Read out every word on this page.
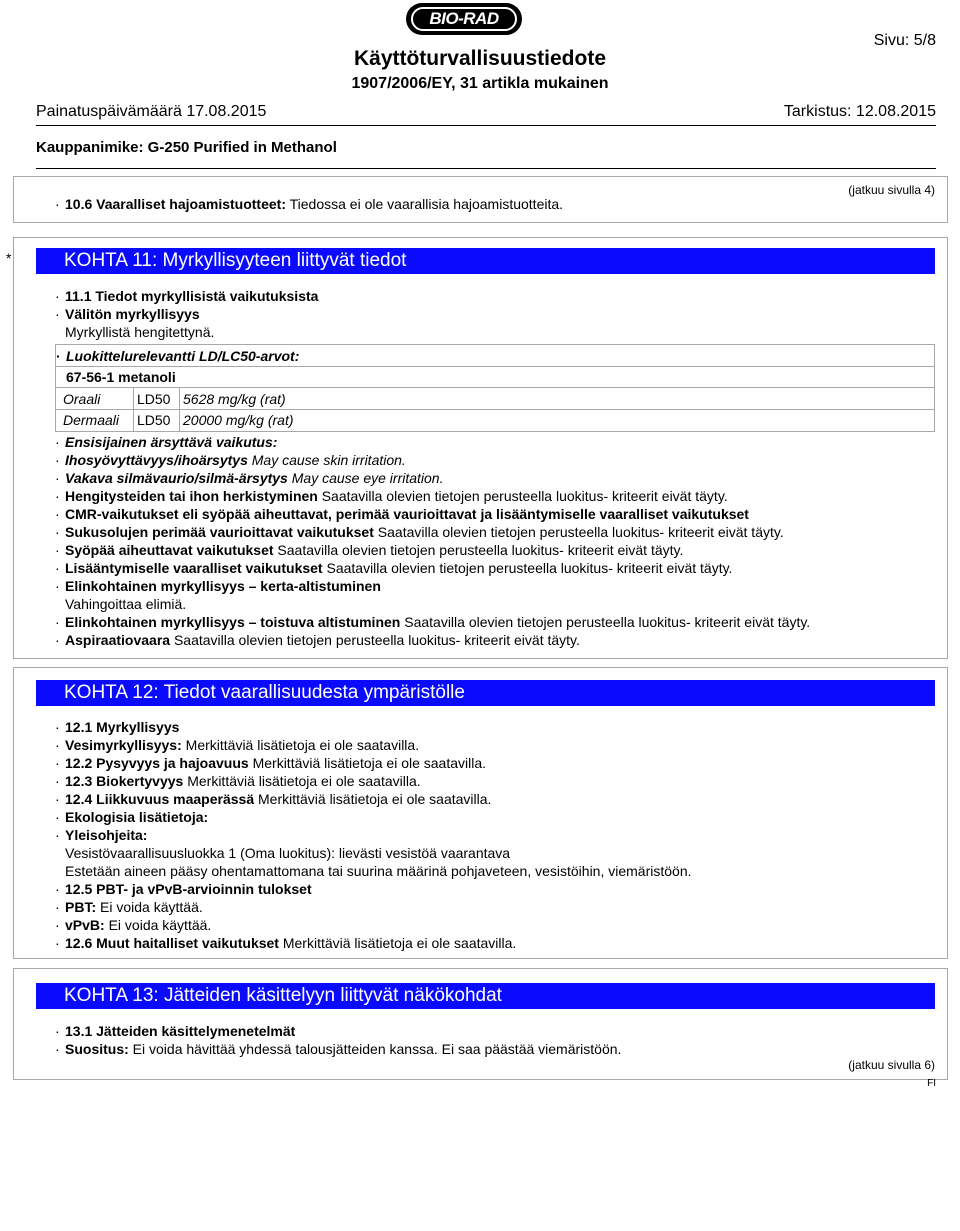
BIO-RAD
Sivu: 5/8
Käyttöturvallisuustiedote
1907/2006/EY, 31 artikla mukainen
Painatuspäivämäärä 17.08.2015	Tarkistus: 12.08.2015
Kauppanimike: G-250 Purified in Methanol
(jatkuu sivulla 4)
· 10.6 Vaaralliset hajoamistuotteet: Tiedossa ei ole vaarallisia hajoamistuotteita.
*	KOHTA 11: Myrkyllisyyteen liittyvät tiedot
· 11.1 Tiedot myrkyllisistä vaikutuksista
· Välitön myrkyllisyys
Myrkyllistä hengitettynä.
· Luokittelurelevantti LD/LC50-arvot:
67-56-1 metanoli
Oraali	LD50 5628 mg/kg (rat)
Dermaali LD50 20000 mg/kg (rat)
· Ensisijainen ärsyttävä vaikutus:
· Ihosyövyttävyys/ihoärsytys May cause skin irritation.
· Vakava silmävaurio/silmä-ärsytys May cause eye irritation.
· Hengitysteiden tai ihon herkistyminen Saatavilla olevien tietojen perusteella luokitus- kriteerit eivät täyty.
· CMR-vaikutukset eli syöpää aiheuttavat, perimää vaurioittavat ja lisääntymiselle vaaralliset vaikutukset
· Sukusolujen perimää vaurioittavat vaikutukset Saatavilla olevien tietojen perusteella luokitus- kriteerit eivät täyty.
· Syöpää aiheuttavat vaikutukset Saatavilla olevien tietojen perusteella luokitus- kriteerit eivät täyty.
· Lisääntymiselle vaaralliset vaikutukset Saatavilla olevien tietojen perusteella luokitus- kriteerit eivät täyty.
· Elinkohtainen myrkyllisyys – kerta-altistuminen
Vahingoittaa elimiä.
· Elinkohtainen myrkyllisyys – toistuva altistuminen Saatavilla olevien tietojen perusteella luokitus- kriteerit eivät täyty.
· Aspiraatiovaara Saatavilla olevien tietojen perusteella luokitus- kriteerit eivät täyty.
KOHTA 12: Tiedot vaarallisuudesta ympäristölle
· 12.1 Myrkyllisyys
· Vesimyrkyllisyys: Merkittäviä lisätietoja ei ole saatavilla.
· 12.2 Pysyvyys ja hajoavuus Merkittäviä lisätietoja ei ole saatavilla.
· 12.3 Biokertyvyys Merkittäviä lisätietoja ei ole saatavilla.
· 12.4 Liikkuvuus maaperässä Merkittäviä lisätietoja ei ole saatavilla.
· Ekologisia lisätietoja:
· Yleisohjeita:
Vesistövaarallisuusluokka 1 (Oma luokitus): lievästi vesistöä vaarantava
Estetään aineen pääsy ohentamattomana tai suurina määrinä pohjaveteen, vesistöihin, viemäristöön.
· 12.5 PBT- ja vPvB-arvioinnin tulokset
· PBT: Ei voida käyttää.
· vPvB: Ei voida käyttää.
· 12.6 Muut haitalliset vaikutukset Merkittäviä lisätietoja ei ole saatavilla.
KOHTA 13: Jätteiden käsittelyyn liittyvät näkökohdat
· 13.1 Jätteiden käsittelymenetelmät
· Suositus: Ei voida hävittää yhdessä talousjätteiden kanssa. Ei saa päästää viemäristöön.
(jatkuu sivulla 6)
FI
